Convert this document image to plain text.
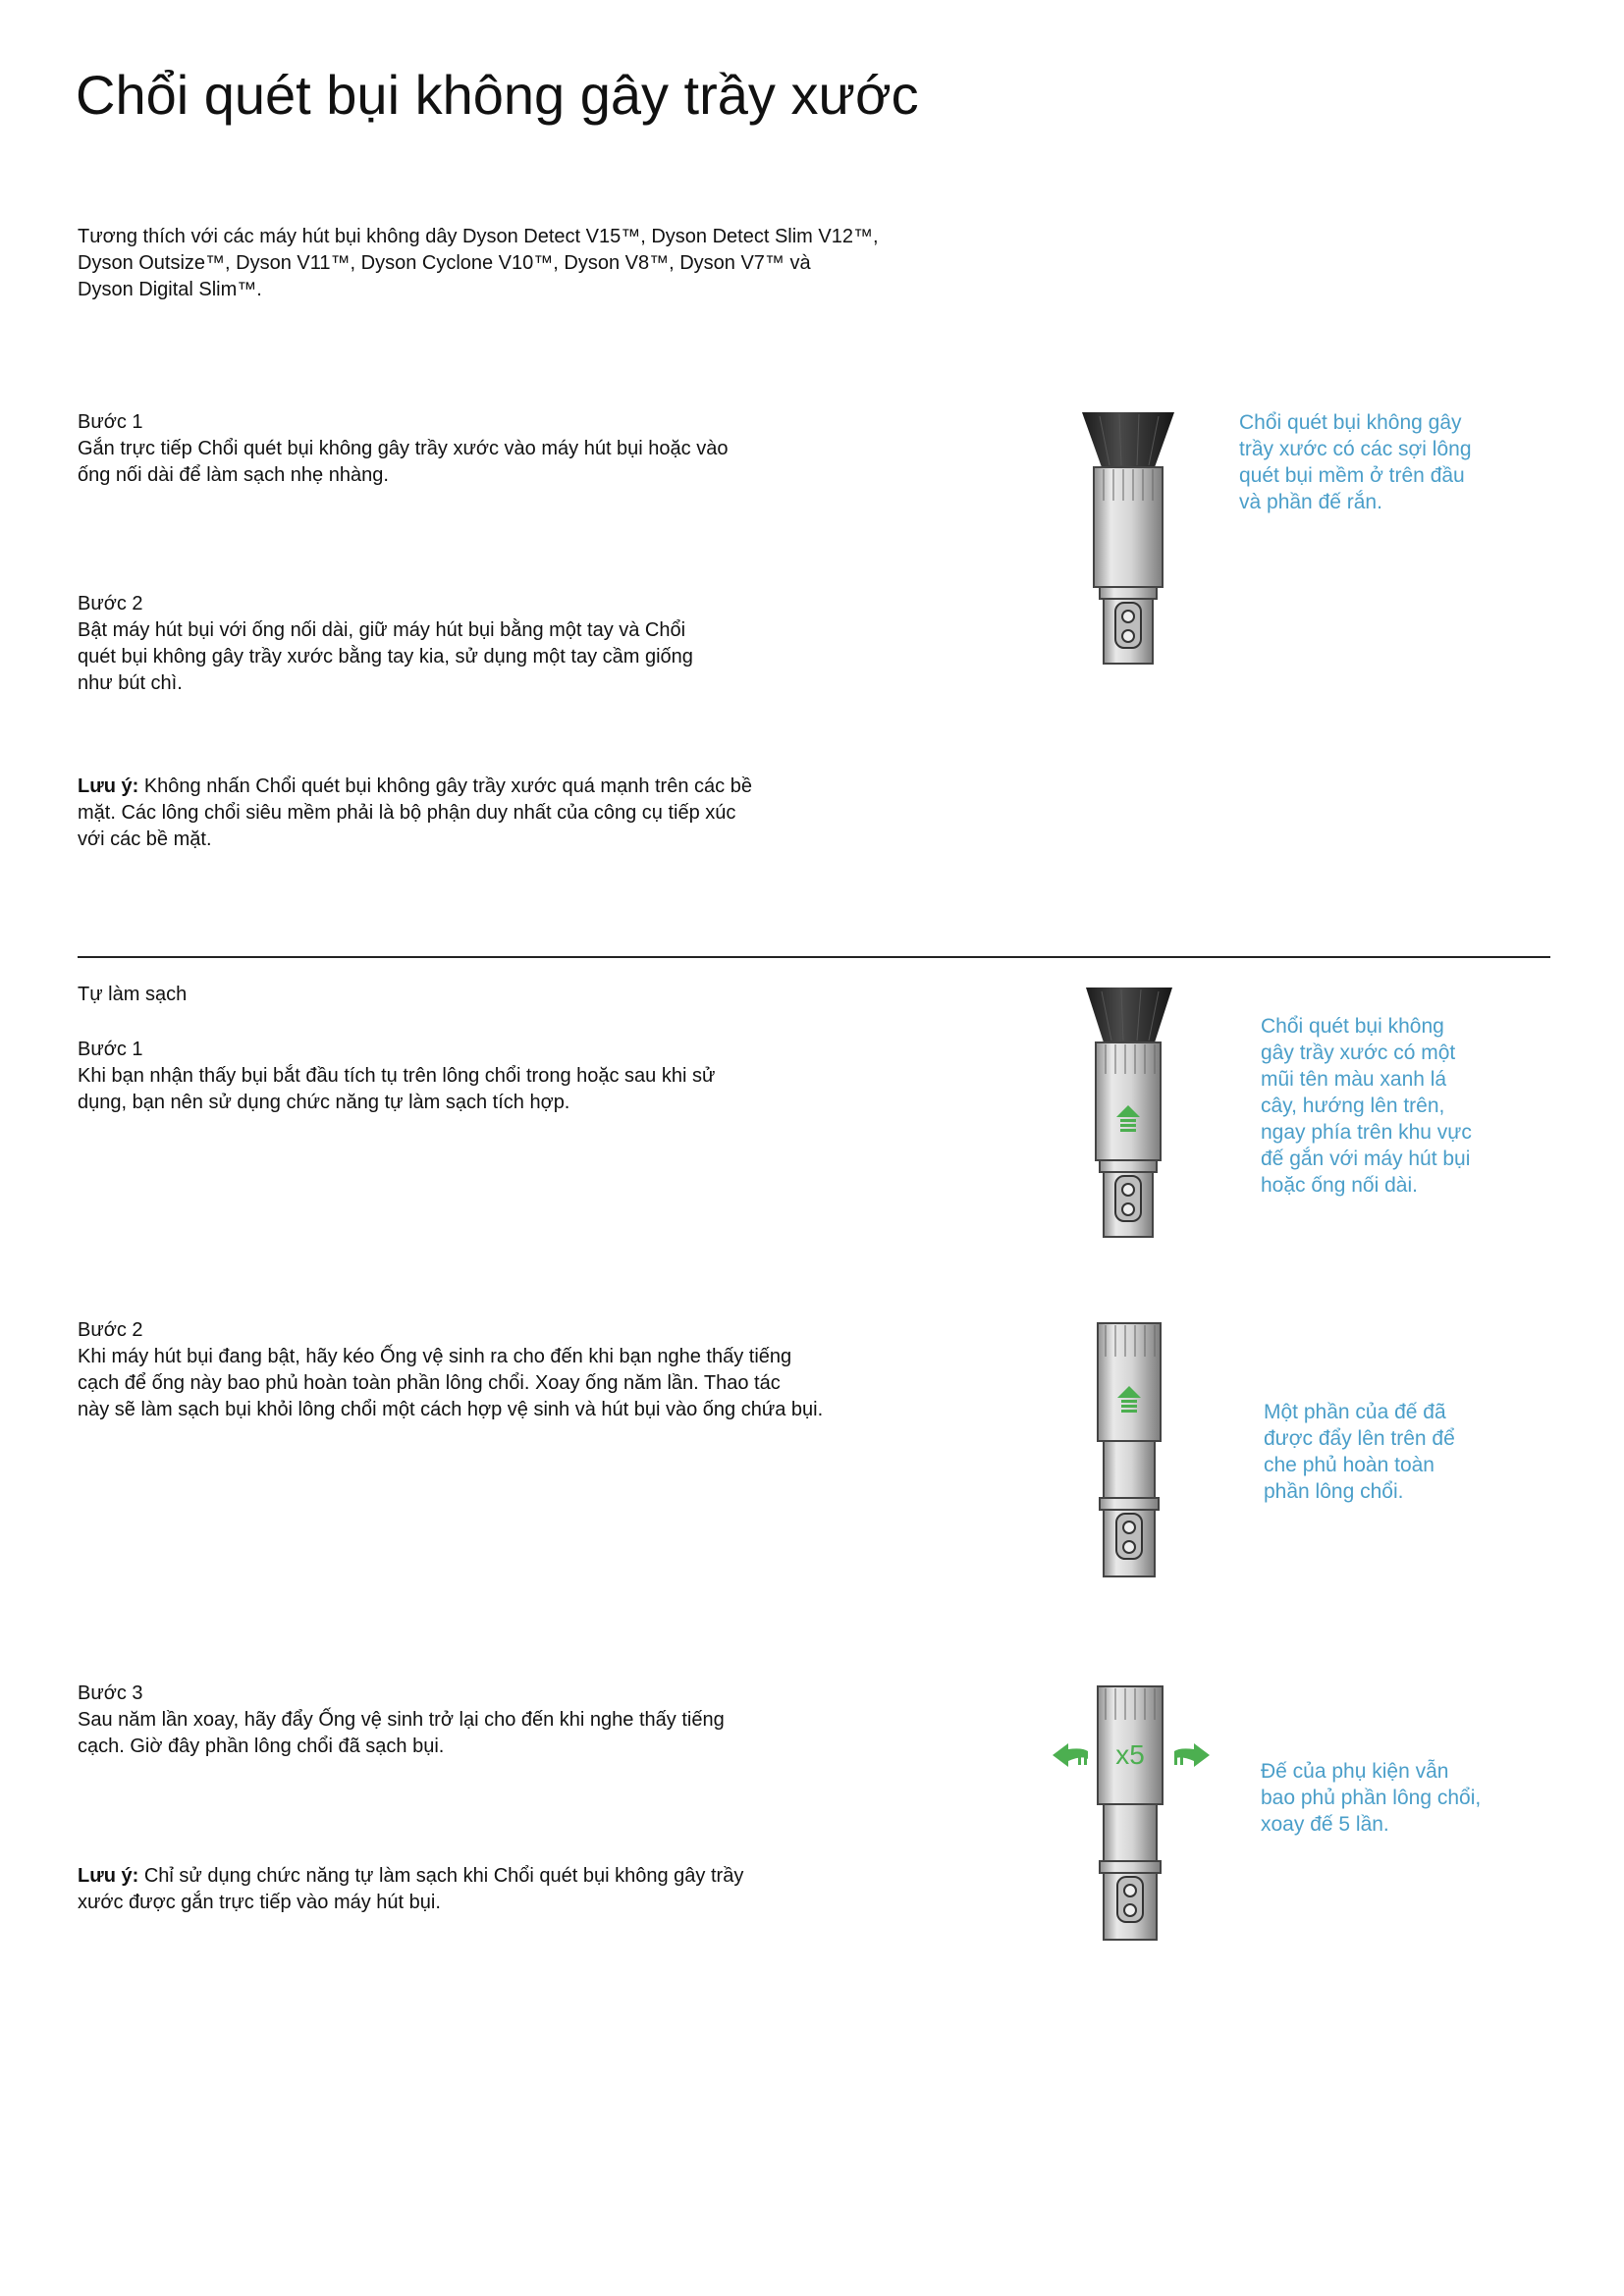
Chổi quét bụi không gây trầy xước
Tương thích với các máy hút bụi không dây Dyson Detect V15™, Dyson Detect Slim V12™,
Dyson Outsize™, Dyson V11™, Dyson Cyclone V10™, Dyson V8™, Dyson V7™ và
Dyson Digital Slim™.

Bước 1

Gắn trực tiếp Chổi quét bụi không gây trầy xước vào máy hút bụi hoặc vào

ống nối dài để làm sạch nhẹ nhàng.

Bước 2

Bật máy hút bụi với ống nối dài, giữ máy hút bụi bằng một tay và Chổi

quét bụi không gây trầy xước bằng tay kia, sử dụng một tay cầm giống

như bút chì.

Lưu ý: Không nhấn Chổi quét bụi không gây trầy xước quá mạnh trên các bề

mặt. Các lông chổi siêu mềm phải là bộ phận duy nhất của công cụ tiếp xúc

với các bề mặt.

Chổi quét bụi không gây
trầy xước có các sợi lông
quét bụi mềm ở trên đầu
và phần đế rắn.
Tự làm sạch

Bước 1

Khi bạn nhận thấy bụi bắt đầu tích tụ trên lông chổi trong hoặc sau khi sử

dụng, bạn nên sử dụng chức năng tự làm sạch tích hợp.

Chổi quét bụi không
gây trầy xước có một
mũi tên màu xanh lá
cây, hướng lên trên,
ngay phía trên khu vực
đế gắn với máy hút bụi
hoặc ống nối dài.

Bước 2

Khi máy hút bụi đang bật, hãy kéo Ống vệ sinh ra cho đến khi bạn nghe thấy tiếng

cạch để ống này bao phủ hoàn toàn phần lông chổi. Xoay ống năm lần. Thao tác

này sẽ làm sạch bụi khỏi lông chổi một cách hợp vệ sinh và hút bụi vào ống chứa bụi.	Một phần của đế đã
được đẩy lên trên để
che phủ hoàn toàn
phần lông chổi.

Bước 3

Sau năm lần xoay, hãy đẩy Ống vệ sinh trở lại cho đến khi nghe thấy tiếng

cạch. Giờ đây phần lông chổi đã sạch bụi.	x5
Đế của phụ kiện vẫn
bao phủ phần lông chổi,
xoay đế 5 lần.

Lưu ý: Chỉ sử dụng chức năng tự làm sạch khi Chổi quét bụi không gây trầy

xước được gắn trực tiếp vào máy hút bụi.
